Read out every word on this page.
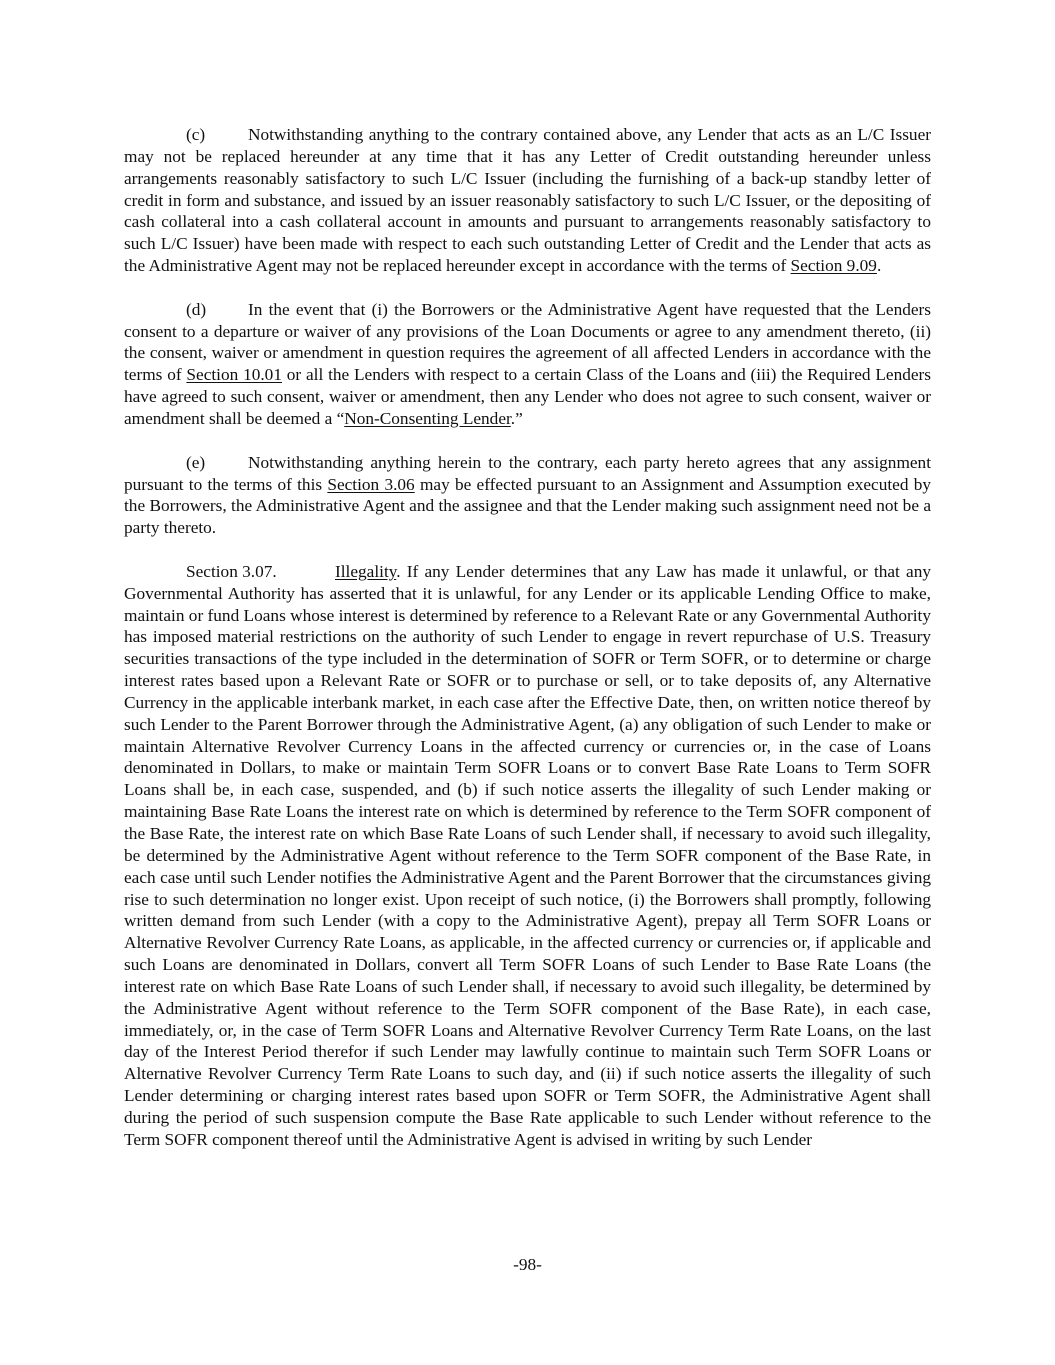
(c) Notwithstanding anything to the contrary contained above, any Lender that acts as an L/C Issuer may not be replaced hereunder at any time that it has any Letter of Credit outstanding hereunder unless arrangements reasonably satisfactory to such L/C Issuer (including the furnishing of a back-up standby letter of credit in form and substance, and issued by an issuer reasonably satisfactory to such L/C Issuer, or the depositing of cash collateral into a cash collateral account in amounts and pursuant to arrangements reasonably satisfactory to such L/C Issuer) have been made with respect to each such outstanding Letter of Credit and the Lender that acts as the Administrative Agent may not be replaced hereunder except in accordance with the terms of Section 9.09.

(d) In the event that (i) the Borrowers or the Administrative Agent have requested that the Lenders consent to a departure or waiver of any provisions of the Loan Documents or agree to any amendment thereto, (ii) the consent, waiver or amendment in question requires the agreement of all affected Lenders in accordance with the terms of Section 10.01 or all the Lenders with respect to a certain Class of the Loans and (iii) the Required Lenders have agreed to such consent, waiver or amendment, then any Lender who does not agree to such consent, waiver or amendment shall be deemed a “Non-Consenting Lender.”

(e) Notwithstanding anything herein to the contrary, each party hereto agrees that any assignment pursuant to the terms of this Section 3.06 may be effected pursuant to an Assignment and Assumption executed by the Borrowers, the Administrative Agent and the assignee and that the Lender making such assignment need not be a party thereto.

Section 3.07.	Illegality. If any Lender determines that any Law has made it unlawful, or that any Governmental Authority has asserted that it is unlawful, for any Lender or its applicable Lending Office to make, maintain or fund Loans whose interest is determined by reference to a Relevant Rate or any Governmental Authority has imposed material restrictions on the authority of such Lender to engage in revert repurchase of U.S. Treasury securities transactions of the type included in the determination of SOFR or Term SOFR, or to determine or charge interest rates based upon a Relevant Rate or SOFR or to purchase or sell, or to take deposits of, any Alternative Currency in the applicable interbank market, in each case after the Effective Date, then, on written notice thereof by such Lender to the Parent Borrower through the Administrative Agent, (a) any obligation of such Lender to make or maintain Alternative Revolver Currency Loans in the affected currency or currencies or, in the case of Loans denominated in Dollars, to make or maintain Term SOFR Loans or to convert Base Rate Loans to Term SOFR Loans shall be, in each case, suspended, and (b) if such notice asserts the illegality of such Lender making or maintaining Base Rate Loans the interest rate on which is determined by reference to the Term SOFR component of the Base Rate, the interest rate on which Base Rate Loans of such Lender shall, if necessary to avoid such illegality, be determined by the Administrative Agent without reference to the Term SOFR component of the Base Rate, in each case until such Lender notifies the Administrative Agent and the Parent Borrower that the circumstances giving rise to such determination no longer exist. Upon receipt of such notice, (i) the Borrowers shall promptly, following written demand from such Lender (with a copy to the Administrative Agent), prepay all Term SOFR Loans or Alternative Revolver Currency Rate Loans, as applicable, in the affected currency or currencies or, if applicable and such Loans are denominated in Dollars, convert all Term SOFR Loans of such Lender to Base Rate Loans (the interest rate on which Base Rate Loans of such Lender shall, if necessary to avoid such illegality, be determined by the Administrative Agent without reference to the Term SOFR component of the Base Rate), in each case, immediately, or, in the case of Term SOFR Loans and Alternative Revolver Currency Term Rate Loans, on the last day of the Interest Period therefor if such Lender may lawfully continue to maintain such Term SOFR Loans or Alternative Revolver Currency Term Rate Loans to such day, and (ii) if such notice asserts the illegality of such Lender determining or charging interest rates based upon SOFR or Term SOFR, the Administrative Agent shall during the period of such suspension compute the Base Rate applicable to such Lender without reference to the Term SOFR component thereof until the Administrative Agent is advised in writing by such Lender

-98-
